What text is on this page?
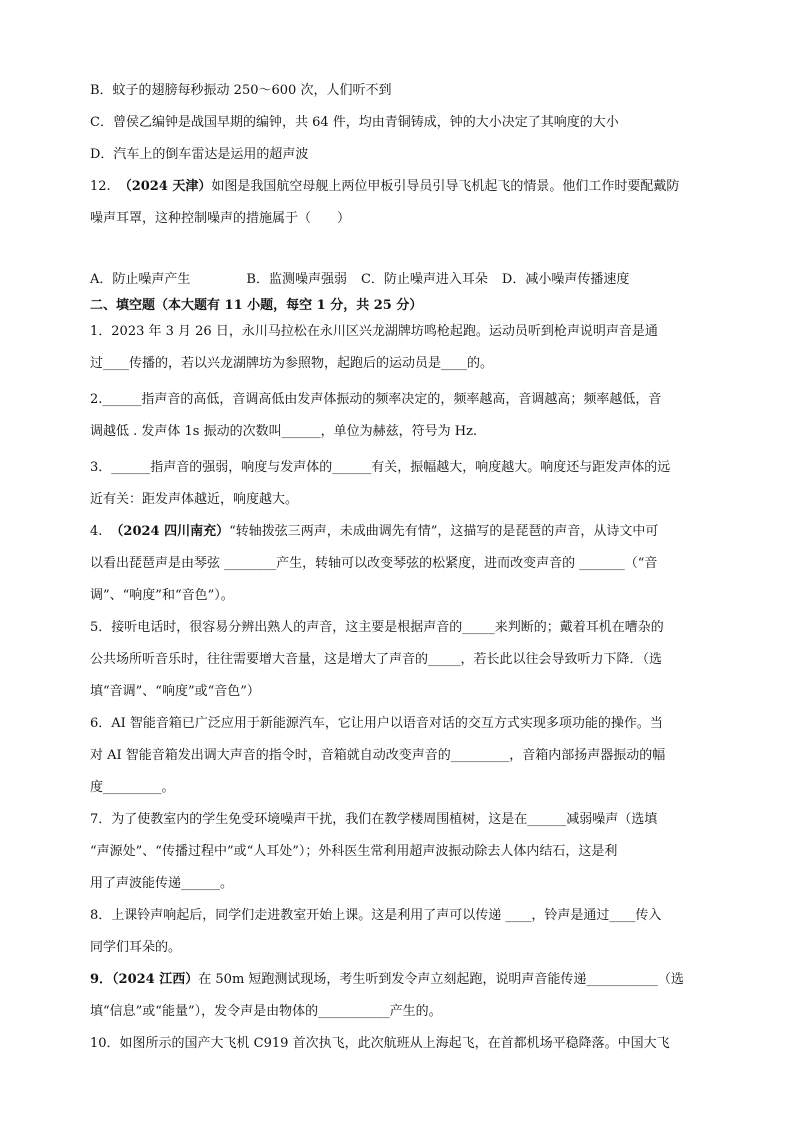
B．蚊子的翅膀每秒振动 250～600 次，人们听不到
C．曾侯乙编钟是战国早期的编钟，共 64 件，均由青铜铸成，钟的大小决定了其响度的大小
D．汽车上的倒车雷达是运用的超声波
12. （2024 天津）如图是我国航空母舰上两位甲板引导员引导飞机起飞的情景。他们工作时要配戴防
噪声耳罩，这种控制噪声的措施属于（　　）
A．防止噪声产生	B．监测噪声强弱 C．防止噪声进入耳朵 D．减小噪声传播速度
二、填空题（本大题有 11 小题，每空 1 分，共 25 分）
1．2023 年 3 月 26 日，永川马拉松在永川区兴龙湖牌坊鸣枪起跑。运动员听到枪声说明声音是通
过____传播的，若以兴龙湖牌坊为参照物，起跑后的运动员是____的。
2.______指声音的高低，音调高低由发声体振动的频率决定的，频率越高，音调越高；频率越低，音
调越低 . 发声体 1s 振动的次数叫______，单位为赫兹，符号为 Hz.
3．______指声音的强弱，响度与发声体的______有关，振幅越大，响度越大。响度还与距发声体的远
近有关：距发声体越近，响度越大。
4. （2024 四川南充）“转轴拨弦三两声，未成曲调先有情”，这描写的是琵琶的声音，从诗文中可
以看出琵琶声是由琴弦 ________产生，转轴可以改变琴弦的松紧度，进而改变声音的 _______（“音
调”、“响度”和“音色”）。
5．接听电话时，很容易分辨出熟人的声音，这主要是根据声音的_____来判断的；戴着耳机在嘈杂的
公共场所听音乐时，往往需要增大音量，这是增大了声音的_____，若长此以往会导致听力下降．（选
填“音调”、“响度”或“音色”）
6．AI 智能音箱已广泛应用于新能源汽车，它让用户以语音对话的交互方式实现多项功能的操作。当
对 AI 智能音箱发出调大声音的指令时，音箱就自动改变声音的_________，音箱内部扬声器振动的幅
度_________。
7．为了使教室内的学生免受环境噪声干扰，我们在教学楼周围植树，这是在______减弱噪声（选填
“声源处”、“传播过程中”或“人耳处”）；外科医生常利用超声波振动除去人体内结石，这是利
用了声波能传递______。
8．上课铃声响起后，同学们走进教室开始上课。这是利用了声可以传递 ____，铃声是通过____传入
同学们耳朵的。
9．（2024 江西）在 50m 短跑测试现场，考生听到发令声立刻起跑，说明声音能传递___________（选
填“信息”或“能量”），发令声是由物体的___________产生的。
10．如图所示的国产大飞机 C919 首次执飞，此次航班从上海起飞，在首都机场平稳降落。中国大飞
